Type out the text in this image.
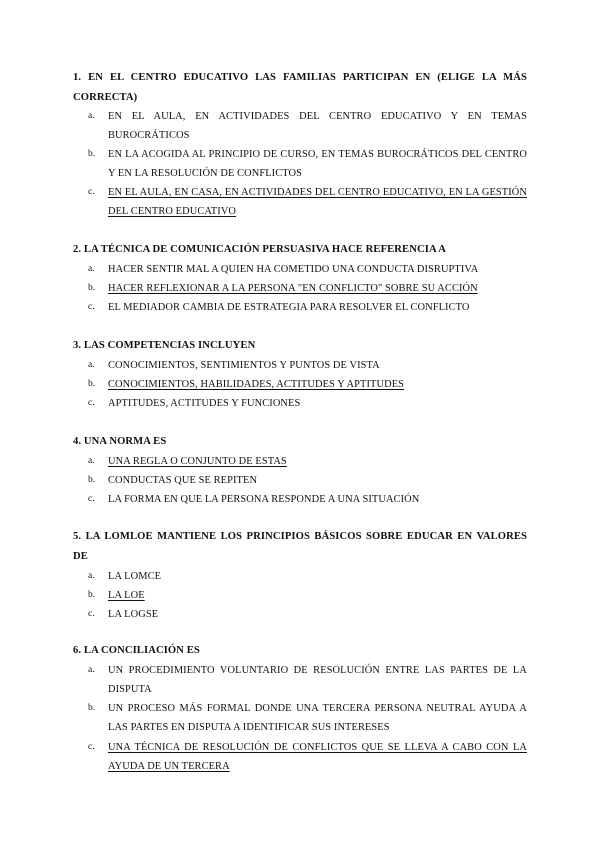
1. EN EL CENTRO EDUCATIVO LAS FAMILIAS PARTICIPAN EN (ELIGE LA MÁS CORRECTA)
a.	EN EL AULA, EN ACTIVIDADES DEL CENTRO EDUCATIVO Y EN TEMAS BUROCRÁTICOS
b.	EN LA ACOGIDA AL PRINCIPIO DE CURSO, EN TEMAS BUROCRÁTICOS DEL CENTRO Y EN LA RESOLUCIÓN DE CONFLICTOS
c.	EN EL AULA, EN CASA, EN ACTIVIDADES DEL CENTRO EDUCATIVO, EN LA GESTIÓN DEL CENTRO EDUCATIVO
2. LA TÉCNICA DE COMUNICACIÓN PERSUASIVA HACE REFERENCIA A
a.	HACER SENTIR MAL A QUIEN HA COMETIDO UNA CONDUCTA DISRUPTIVA
b.	HACER REFLEXIONAR A LA PERSONA "EN CONFLICTO" SOBRE SU ACCIÓN
c.	EL MEDIADOR CAMBIA DE ESTRATEGIA PARA RESOLVER EL CONFLICTO
3. LAS COMPETENCIAS INCLUYEN
a.	CONOCIMIENTOS, SENTIMIENTOS Y PUNTOS DE VISTA
b.	CONOCIMIENTOS, HABILIDADES, ACTITUDES Y APTITUDES
c.	APTITUDES, ACTITUDES Y FUNCIONES
4. UNA NORMA ES
a.	UNA REGLA O CONJUNTO DE ESTAS
b.	CONDUCTAS QUE SE REPITEN
c.	LA FORMA EN QUE LA PERSONA RESPONDE A UNA SITUACIÓN
5. LA LOMLOE MANTIENE LOS PRINCIPIOS BÁSICOS SOBRE EDUCAR EN VALORES DE
a.	LA LOMCE
b.	LA LOE
c.	LA LOGSE
6. LA CONCILIACIÓN ES
a.	UN PROCEDIMIENTO VOLUNTARIO DE RESOLUCIÓN ENTRE LAS PARTES DE LA DISPUTA
b.	UN PROCESO MÁS FORMAL DONDE UNA TERCERA PERSONA NEUTRAL AYUDA A LAS PARTES EN DISPUTA A IDENTIFICAR SUS INTERESES
c.	UNA TÉCNICA DE RESOLUCIÓN DE CONFLICTOS QUE SE LLEVA A CABO CON LA AYUDA DE UN TERCERA
